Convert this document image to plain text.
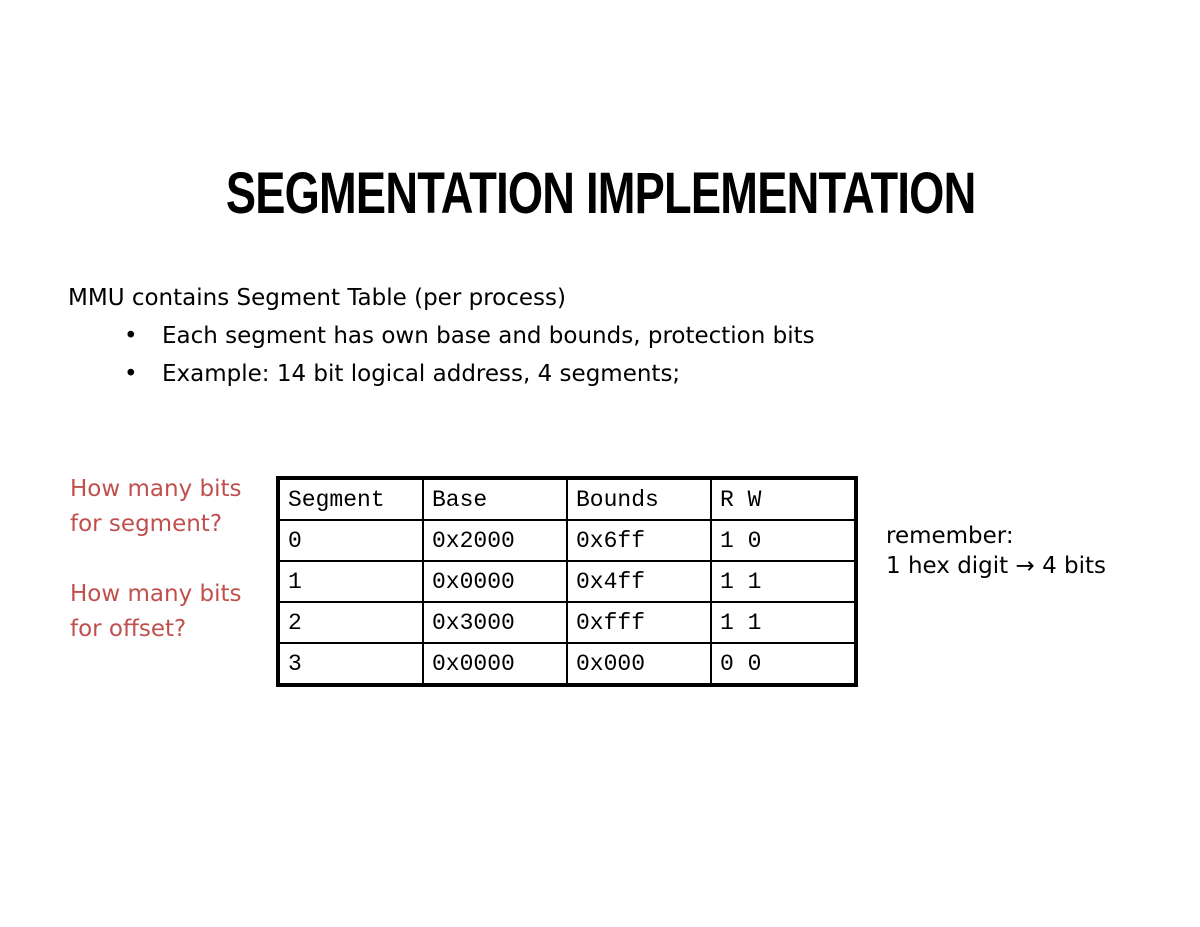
SEGMENTATION IMPLEMENTATION
MMU contains Segment Table (per process)
• Each segment has own base and bounds, protection bits
• Example: 14 bit logical address, 4 segments;
How many bits
for segment?
How many bits
for offset?
Segment	Base	Bounds	R W
0	0x2000	0x6ff	1 0
1	0x0000	0x4ff	1 1
2	0x3000	0xfff	1 1
3	0x0000	0x000	0 0
remember:
1 hex digit → 4 bits
